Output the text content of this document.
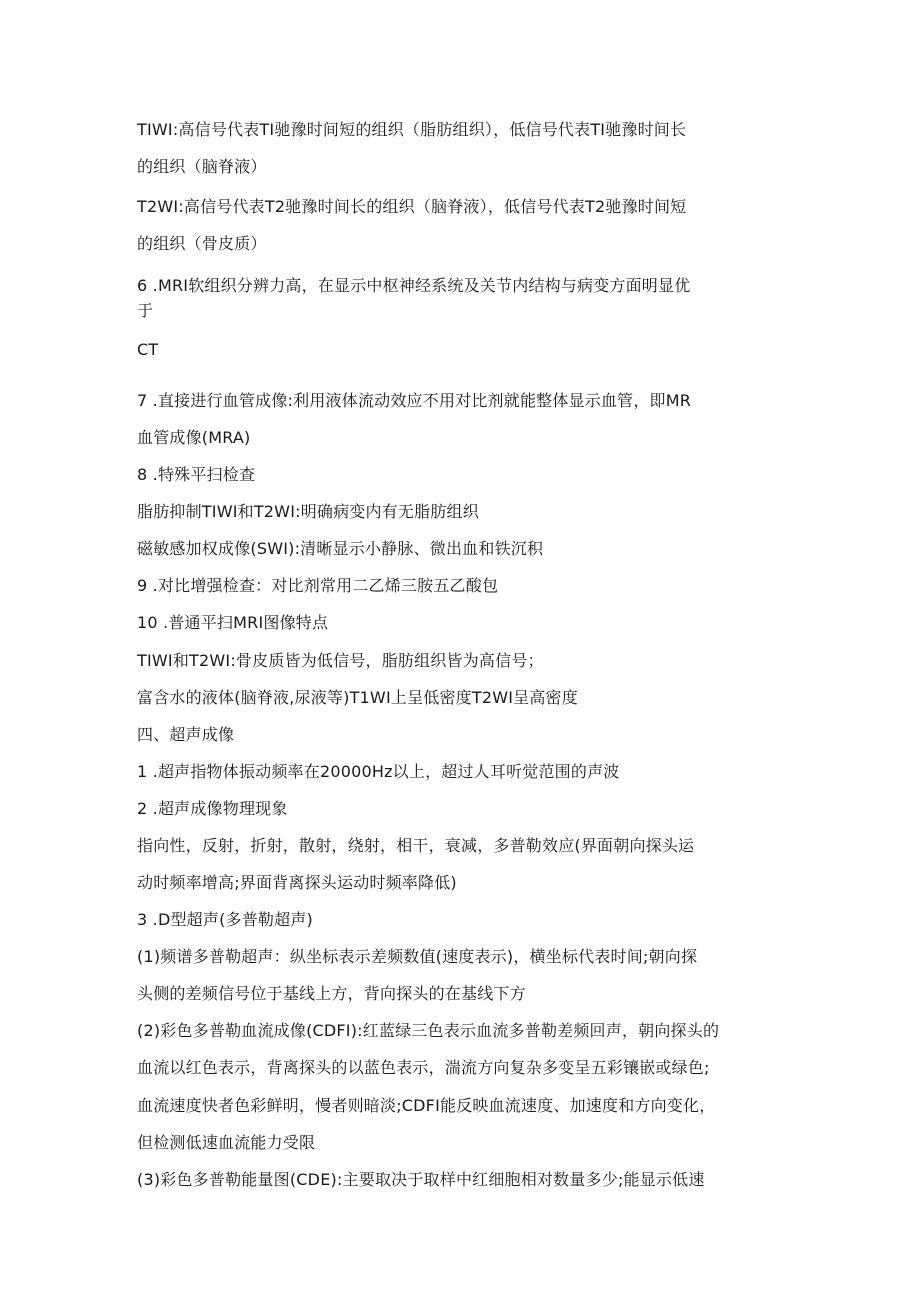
TIWI:高信号代表TI驰豫时间短的组织（脂肪组织），低信号代表TI驰豫时间长
的组织（脑脊液）
T2WI:高信号代表T2驰豫时间长的组织（脑脊液），低信号代表T2驰豫时间短
的组织（骨皮质）
6 .MRI软组织分辨力高，在显示中枢神经系统及关节内结构与病变方面明显优
于
CT
7 .直接进行血管成像:利用液体流动效应不用对比剂就能整体显示血管，即MR
血管成像(MRA)
8 .特殊平扫检查
脂肪抑制TIWI和T2WI:明确病变内有无脂肪组织
磁敏感加权成像(SWI):清晰显示小静脉、微出血和铁沉积
9 .对比增强检查：对比剂常用二乙烯三胺五乙酸包
10 .普通平扫MRI图像特点
TIWI和T2WI:骨皮质皆为低信号，脂肪组织皆为高信号；
富含水的液体(脑脊液,尿液等)T1WI上呈低密度T2WI呈高密度
四、超声成像
1 .超声指物体振动频率在20000Hz以上，超过人耳听觉范围的声波
2 .超声成像物理现象
指向性，反射，折射，散射，绕射，相干，衰减，多普勒效应(界面朝向探头运
动时频率增高;界面背离探头运动时频率降低)
3 .D型超声(多普勒超声)
(1)频谱多普勒超声：纵坐标表示差频数值(速度表示)，横坐标代表时间;朝向探
头侧的差频信号位于基线上方，背向探头的在基线下方
(2)彩色多普勒血流成像(CDFI):红蓝绿三色表示血流多普勒差频回声，朝向探头的
血流以红色表示，背离探头的以蓝色表示，湍流方向复杂多变呈五彩镶嵌或绿色;
血流速度快者色彩鲜明，慢者则暗淡;CDFI能反映血流速度、加速度和方向变化，
但检测低速血流能力受限
(3)彩色多普勒能量图(CDE):主要取决于取样中红细胞相对数量多少;能显示低速
